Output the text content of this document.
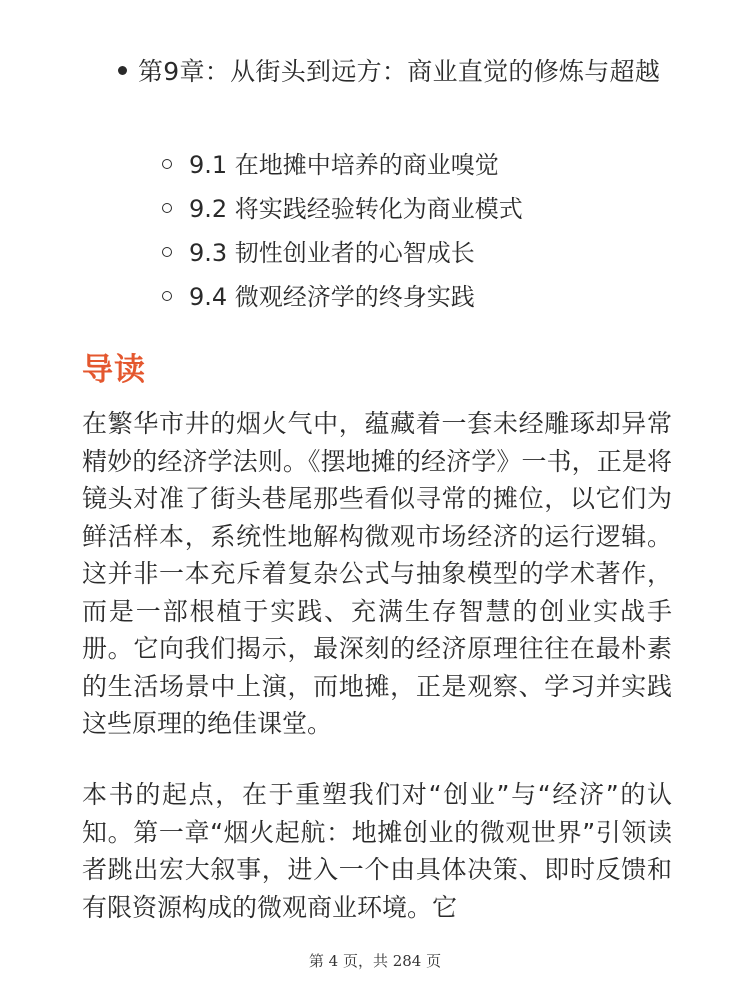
第9章：从街头到远方：商业直觉的修炼与超越
9.1 在地摊中培养的商业嗅觉
9.2 将实践经验转化为商业模式
9.3 韧性创业者的心智成长
9.4 微观经济学的终身实践
导读

在繁华市井的烟火气中，蕴藏着一套未经雕琢却异常精妙的经济学法则。《摆地摊的经济学》一书，正是将镜头对准了街头巷尾那些看似寻常的摊位，以它们为鲜活样本，系统性地解构微观市场经济的运行逻辑。这并非一本充斥着复杂公式与抽象模型的学术著作，而是一部根植于实践、充满生存智慧的创业实战手册。它向我们揭示，最深刻的经济原理往往在最朴素的生活场景中上演，而地摊，正是观察、学习并实践这些原理的绝佳课堂。

本书的起点，在于重塑我们对“创业”与“经济”的认知。第一章“烟火起航：地摊创业的微观世界”引领读者跳出宏大叙事，进入一个由具体决策、即时反馈和有限资源构成的微观商业环境。它

第 4 页，共 284 页
